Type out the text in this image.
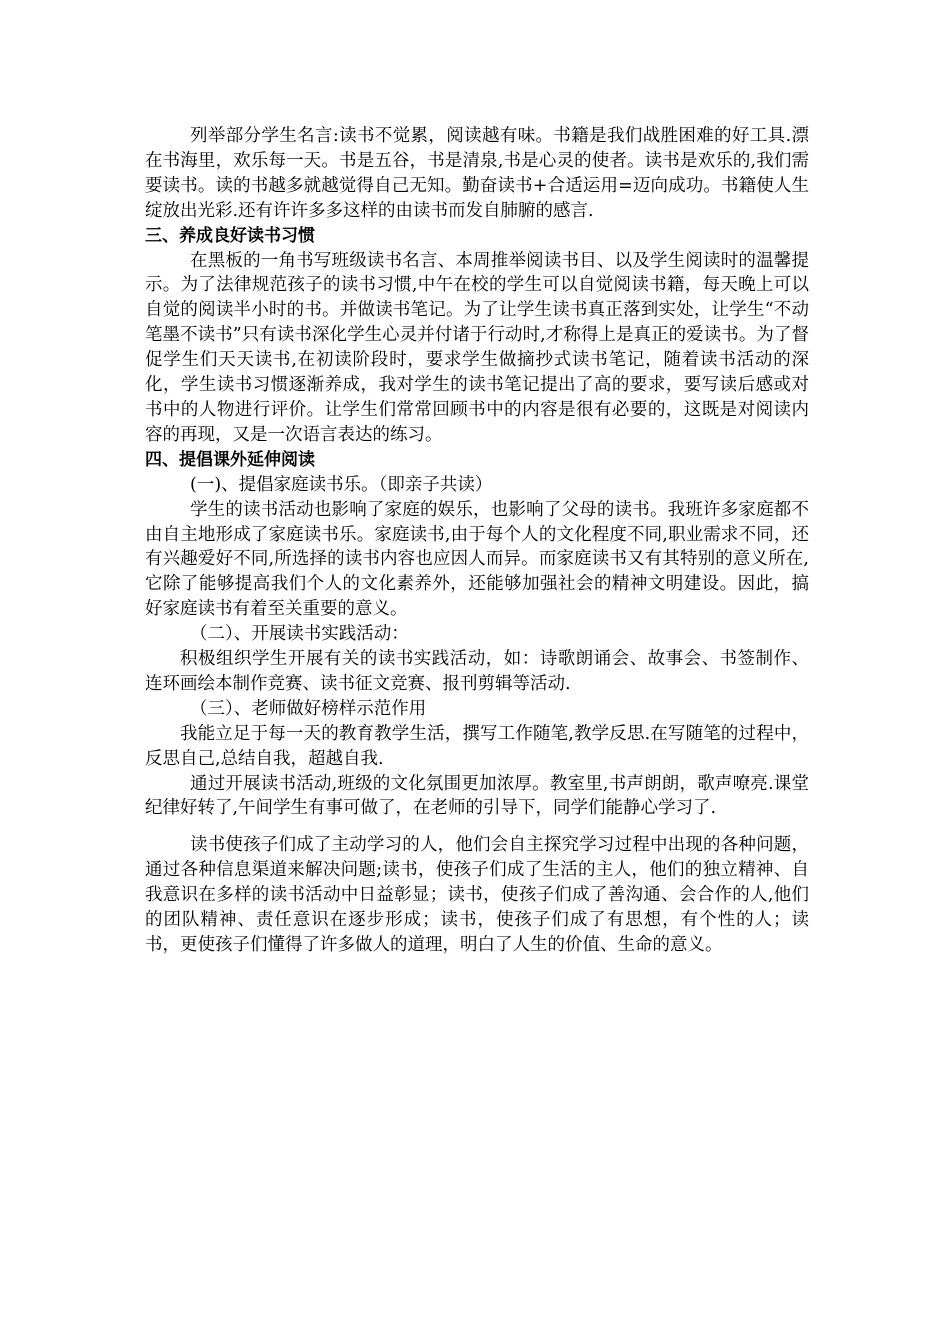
列举部分学生名言:读书不觉累，阅读越有味。书籍是我们战胜困难的好工具.漂在书海里，欢乐每一天。书是五谷，书是清泉,书是心灵的使者。读书是欢乐的,我们需要读书。读的书越多就越觉得自己无知。勤奋读书+合适运用=迈向成功。书籍使人生绽放出光彩.还有许许多多这样的由读书而发自肺腑的感言.

三、养成良好读书习惯

在黑板的一角书写班级读书名言、本周推举阅读书目、以及学生阅读时的温馨提示。为了法律规范孩子的读书习惯,中午在校的学生可以自觉阅读书籍，每天晚上可以自觉的阅读半小时的书。并做读书笔记。为了让学生读书真正落到实处，让学生“不动笔墨不读书”只有读书深化学生心灵并付诸于行动时,才称得上是真正的爱读书。为了督促学生们天天读书,在初读阶段时，要求学生做摘抄式读书笔记，随着读书活动的深化，学生读书习惯逐渐养成，我对学生的读书笔记提出了高的要求，要写读后感或对书中的人物进行评价。让学生们常常回顾书中的内容是很有必要的，这既是对阅读内容的再现，又是一次语言表达的练习。

四、提倡课外延伸阅读

(一)、提倡家庭读书乐。（即亲子共读）

学生的读书活动也影响了家庭的娱乐，也影响了父母的读书。我班许多家庭都不由自主地形成了家庭读书乐。家庭读书,由于每个人的文化程度不同,职业需求不同，还有兴趣爱好不同,所选择的读书内容也应因人而异。而家庭读书又有其特别的意义所在,它除了能够提高我们个人的文化素养外，还能够加强社会的精神文明建设。因此，搞好家庭读书有着至关重要的意义。

（二）、开展读书实践活动：

积极组织学生开展有关的读书实践活动，如：诗歌朗诵会、故事会、书签制作、连环画绘本制作竞赛、读书征文竞赛、报刊剪辑等活动.

（三）、老师做好榜样示范作用

我能立足于每一天的教育教学生活，撰写工作随笔,教学反思.在写随笔的过程中，反思自己,总结自我，超越自我.

通过开展读书活动,班级的文化氛围更加浓厚。教室里,书声朗朗，歌声嘹亮.课堂纪律好转了,午间学生有事可做了，在老师的引导下，同学们能静心学习了.

读书使孩子们成了主动学习的人，他们会自主探究学习过程中出现的各种问题，通过各种信息渠道来解决问题;读书，使孩子们成了生活的主人，他们的独立精神、自我意识在多样的读书活动中日益彰显；读书，使孩子们成了善沟通、会合作的人,他们的团队精神、责任意识在逐步形成；读书，使孩子们成了有思想，有个性的人；读书，更使孩子们懂得了许多做人的道理，明白了人生的价值、生命的意义。
